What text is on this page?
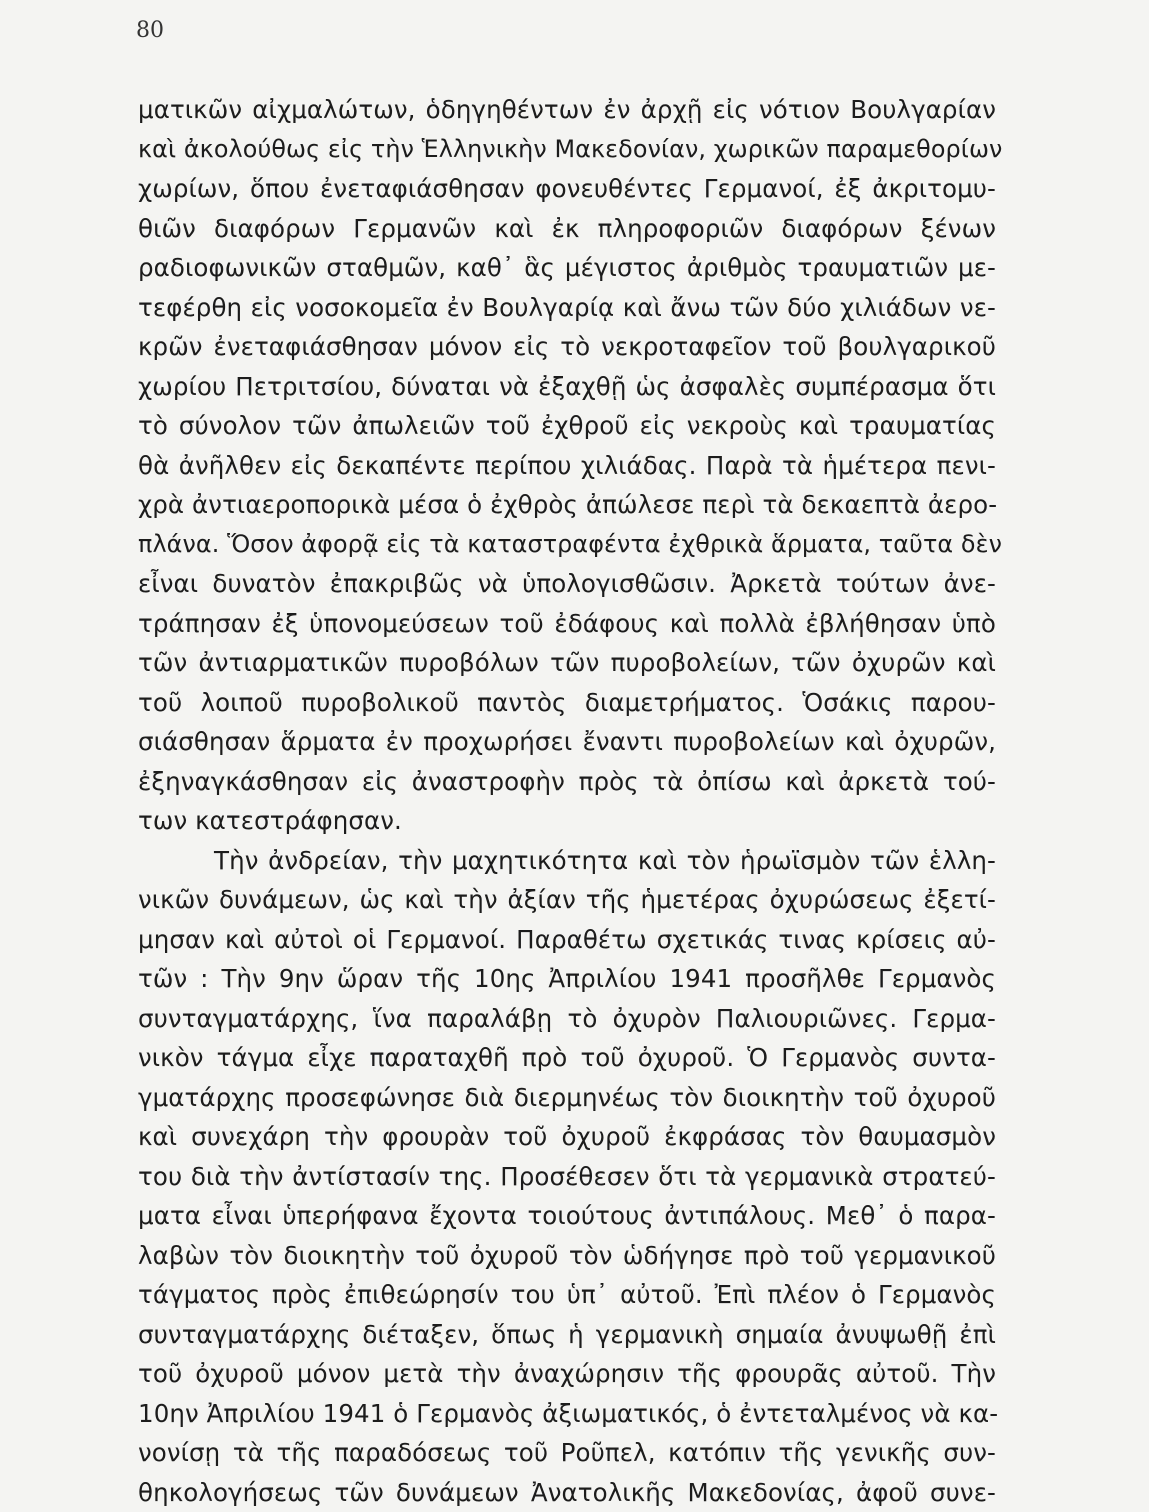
80

ματικῶν αἰχμαλώτων, ὁδηγηθέντων ἐν ἀρχῇ εἰς νότιον Βουλγαρίαν
καὶ ἀκολούθως εἰς τὴν Ἑλληνικὴν Μακεδονίαν, χωρικῶν παραμεθορίων
χωρίων, ὅπου ἐνεταφιάσθησαν φονευθέντες Γερμανοί, ἐξ ἀκριτομυ-
θιῶν διαφόρων Γερμανῶν καὶ ἐκ πληροφοριῶν διαφόρων ξένων
ραδιοφωνικῶν σταθμῶν, καθ᾽ ἃς μέγιστος ἀριθμὸς τραυματιῶν με-
τεφέρθη εἰς νοσοκομεῖα ἐν Βουλγαρίᾳ καὶ ἄνω τῶν δύο χιλιάδων νε-
κρῶν ἐνεταφιάσθησαν μόνον εἰς τὸ νεκροταφεῖον τοῦ βουλγαρικοῦ
χωρίου Πετριτσίου, δύναται νὰ ἐξαχθῇ ὡς ἀσφαλὲς συμπέρασμα ὅτι
τὸ σύνολον τῶν ἀπωλειῶν τοῦ ἐχθροῦ εἰς νεκροὺς καὶ τραυματίας
θὰ ἀνῆλθεν εἰς δεκαπέντε περίπου χιλιάδας. Παρὰ τὰ ἡμέτερα πενι-
χρὰ ἀντιαεροπορικὰ μέσα ὁ ἐχθρὸς ἀπώλεσε περὶ τὰ δεκαεπτὰ ἀερο-
πλάνα. Ὅσον ἀφορᾷ εἰς τὰ καταστραφέντα ἐχθρικὰ ἅρματα, ταῦτα δὲν
εἶναι δυνατὸν ἐπακριβῶς νὰ ὑπολογισθῶσιν. Ἀρκετὰ τούτων ἀνε-
τράπησαν ἐξ ὑπονομεύσεων τοῦ ἐδάφους καὶ πολλὰ ἐβλήθησαν ὑπὸ
τῶν ἀντιαρματικῶν πυροβόλων τῶν πυροβολείων, τῶν ὀχυρῶν καὶ
τοῦ λοιποῦ πυροβολικοῦ παντὸς διαμετρήματος. Ὁσάκις παρου-
σιάσθησαν ἅρματα ἐν προχωρήσει ἔναντι πυροβολείων καὶ ὀχυρῶν,
ἐξηναγκάσθησαν εἰς ἀναστροφὴν πρὸς τὰ ὀπίσω καὶ ἀρκετὰ τού-
των κατεστράφησαν.
Τὴν ἀνδρείαν, τὴν μαχητικότητα καὶ τὸν ἡρωϊσμὸν τῶν ἑλλη-
νικῶν δυνάμεων, ὡς καὶ τὴν ἀξίαν τῆς ἡμετέρας ὀχυρώσεως ἐξετί-
μησαν καὶ αὐτοὶ οἱ Γερμανοί. Παραθέτω σχετικάς τινας κρίσεις αὐ-
τῶν : Τὴν 9ην ὥραν τῆς 10ης Ἀπριλίου 1941 προσῆλθε Γερμανὸς
συνταγματάρχης, ἵνα παραλάβῃ τὸ ὀχυρὸν Παλιουριῶνες. Γερμα-
νικὸν τάγμα εἶχε παραταχθῆ πρὸ τοῦ ὀχυροῦ. Ὁ Γερμανὸς συντα-
γματάρχης προσεφώνησε διὰ διερμηνέως τὸν διοικητὴν τοῦ ὀχυροῦ
καὶ συνεχάρη τὴν φρουρὰν τοῦ ὀχυροῦ ἐκφράσας τὸν θαυμασμὸν
του διὰ τὴν ἀντίστασίν της. Προσέθεσεν ὅτι τὰ γερμανικὰ στρατεύ-
ματα εἶναι ὑπερήφανα ἔχοντα τοιούτους ἀντιπάλους. Μεθ᾽ ὁ παρα-
λαβὼν τὸν διοικητὴν τοῦ ὀχυροῦ τὸν ὡδήγησε πρὸ τοῦ γερμανικοῦ
τάγματος πρὸς ἐπιθεώρησίν του ὑπ᾽ αὐτοῦ. Ἐπὶ πλέον ὁ Γερμανὸς
συνταγματάρχης διέταξεν, ὅπως ἡ γερμανικὴ σημαία ἀνυψωθῇ ἐπὶ
τοῦ ὀχυροῦ μόνον μετὰ τὴν ἀναχώρησιν τῆς φρουρᾶς αὐτοῦ. Τὴν
10ην Ἀπριλίου 1941 ὁ Γερμανὸς ἀξιωματικός, ὁ ἐντεταλμένος νὰ κα-
νονίσῃ τὰ τῆς παραδόσεως τοῦ Ροῦπελ, κατόπιν τῆς γενικῆς συν-
θηκολογήσεως τῶν δυνάμεων Ἀνατολικῆς Μακεδονίας, ἀφοῦ συνε-
